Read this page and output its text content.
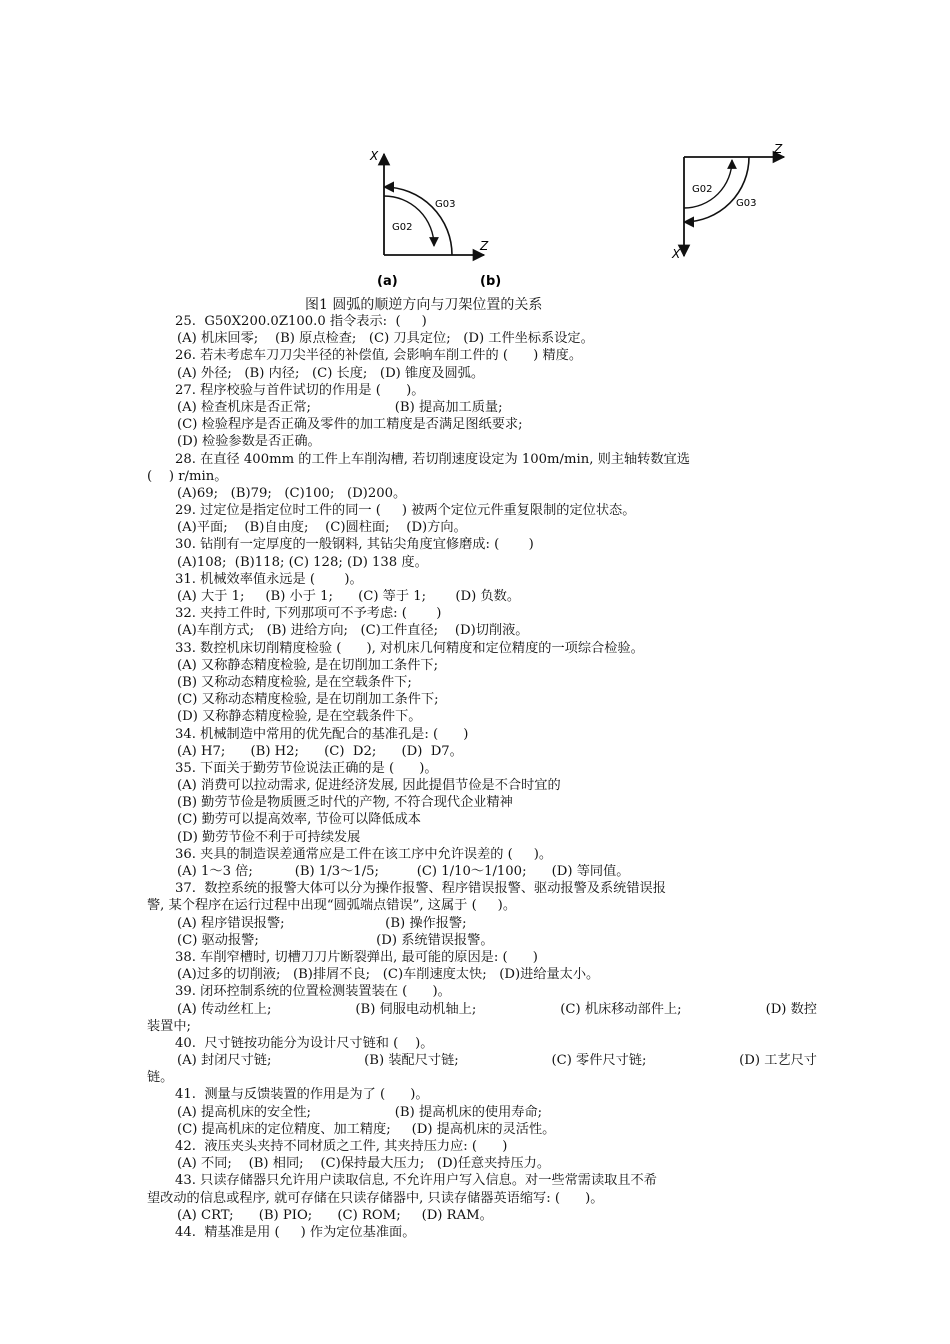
X
Z
G03
G02
(a)
Z
X
G02
G03
(b)
图1 圆弧的顺逆方向与刀架位置的关系
25.  G50X200.0Z100.0 指令表示:  (     )
(A) 机床回零;    (B) 原点检查;   (C) 刀具定位;   (D) 工件坐标系设定。
26. 若未考虑车刀刀尖半径的补偿值, 会影响车削工件的 (      ) 精度。
(A) 外径;   (B) 内径;   (C) 长度;   (D) 锥度及圆弧。
27. 程序校验与首件试切的作用是 (      )。
(A) 检查机床是否正常;                    (B) 提高加工质量;
(C) 检验程序是否正确及零件的加工精度是否满足图纸要求;
(D) 检验参数是否正确。
28. 在直径 400mm 的工件上车削沟槽, 若切削速度设定为 100m/min, 则主轴转数宜选
(    ) r/min。
(A)69;   (B)79;   (C)100;   (D)200。
29. 过定位是指定位时工件的同一 (     ) 被两个定位元件重复限制的定位状态。
(A)平面;    (B)自由度;    (C)圆柱面;    (D)方向。
30. 钻削有一定厚度的一般钢料, 其钻尖角度宜修磨成: (       )
(A)108;  (B)118; (C) 128; (D) 138 度。
31. 机械效率值永远是 (       )。
(A) 大于 1;     (B) 小于 1;      (C) 等于 1;       (D) 负数。
32. 夹持工件时, 下列那项可不予考虑: (       )
(A)车削方式;   (B) 进给方向;   (C)工件直径;    (D)切削液。
33. 数控机床切削精度检验 (      ), 对机床几何精度和定位精度的一项综合检验。
(A) 又称静态精度检验, 是在切削加工条件下;
(B) 又称动态精度检验, 是在空载条件下;
(C) 又称动态精度检验, 是在切削加工条件下;
(D) 又称静态精度检验, 是在空载条件下。
34. 机械制造中常用的优先配合的基准孔是: (      )
(A) H7;      (B) H2;      (C)  D2;      (D)  D7。
35. 下面关于勤劳节俭说法正确的是 (      )。
(A) 消费可以拉动需求, 促进经济发展, 因此提倡节俭是不合时宜的
(B) 勤劳节俭是物质匮乏时代的产物, 不符合现代企业精神
(C) 勤劳可以提高效率, 节俭可以降低成本
(D) 勤劳节俭不利于可持续发展
36. 夹具的制造误差通常应是工件在该工序中允许误差的 (     )。
(A) 1～3 倍;          (B) 1/3～1/5;         (C) 1/10～1/100;      (D) 等同值。
37.  数控系统的报警大体可以分为操作报警、程序错误报警、驱动报警及系统错误报
警, 某个程序在运行过程中出现“圆弧端点错误”, 这属于 (     )。
(A) 程序错误报警;                        (B) 操作报警;
(C) 驱动报警;                            (D) 系统错误报警。
38. 车削窄槽时, 切槽刀刀片断裂弹出, 最可能的原因是: (      )
(A)过多的切削液;   (B)排屑不良;   (C)车削速度太快;   (D)进给量太小。
39. 闭环控制系统的位置检测装置装在 (      )。
(A) 传动丝杠上;	(B) 伺服电动机轴上;	(C) 机床移动部件上;	(D) 数控
装置中;
40.  尺寸链按功能分为设计尺寸链和 (    )。
(A) 封闭尺寸链;	(B) 装配尺寸链;	(C) 零件尺寸链;	(D) 工艺尺寸
链。
41.  测量与反馈装置的作用是为了 (      )。
(A) 提高机床的安全性;                    (B) 提高机床的使用寿命;
(C) 提高机床的定位精度、加工精度;     (D) 提高机床的灵活性。
42.  液压夹头夹持不同材质之工件, 其夹持压力应: (      )
(A) 不同;    (B) 相同;    (C)保持最大压力;   (D)任意夹持压力。
43. 只读存储器只允许用户读取信息, 不允许用户写入信息。对一些常需读取且不希
望改动的信息或程序, 就可存储在只读存储器中, 只读存储器英语缩写: (      )。
(A) CRT;      (B) PIO;      (C) ROM;     (D) RAM。
44.  精基准是用 (     ) 作为定位基准面。
